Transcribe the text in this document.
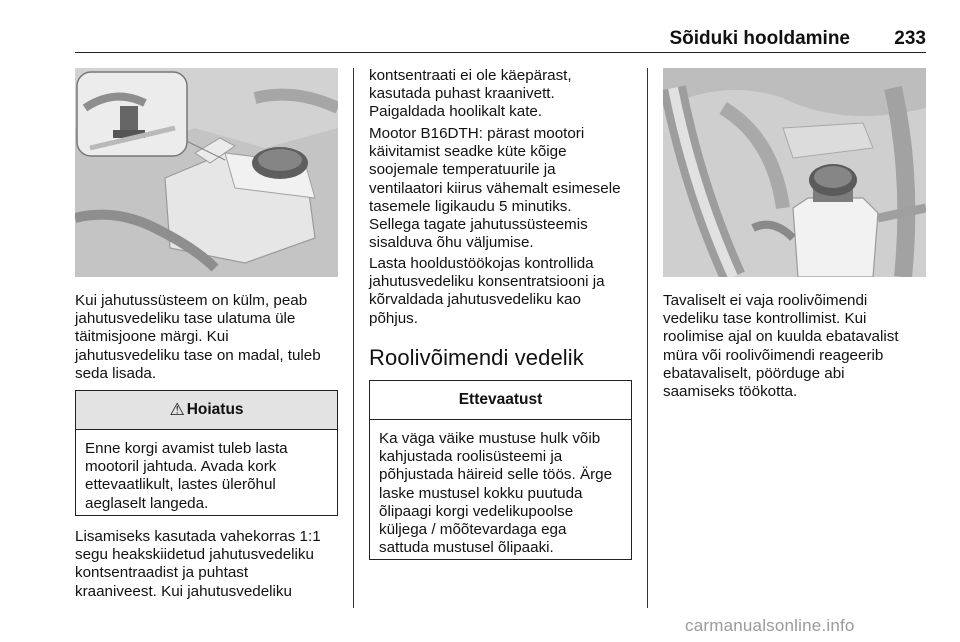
Sõiduki hooldamine	233

Kui jahutussüsteem on külm, peab
jahutusvedeliku tase ulatuma üle
täitmisjoone märgi. Kui
jahutusvedeliku tase on madal, tuleb
seda lisada.

⚠ Hoiatus
Enne korgi avamist tuleb lasta
mootoril jahtuda. Avada kork
ettevaatlikult, lastes ülerõhul
aeglaselt langeda.

Lisamiseks kasutada vahekorras 1:1
segu heakskiidetud jahutusvedeliku
kontsentraadist ja puhtast
kraaniveest. Kui jahutusvedeliku

kontsentraati ei ole käepärast,
kasutada puhast kraanivett.
Paigaldada hoolikalt kate.

Mootor B16DTH: pärast mootori
käivitamist seadke küte kõige
soojemale temperatuurile ja
ventilaatori kiirus vähemalt esimesele
tasemele ligikaudu 5 minutiks.
Sellega tagate jahutussüsteemis
sisalduva õhu väljumise.

Lasta hooldustöökojas kontrollida
jahutusvedeliku konsentratsiooni ja
kõrvaldada jahutusvedeliku kao
põhjus.

Roolivõimendi vedelik
Ettevaatust
Ka väga väike mustuse hulk võib
kahjustada roolisüsteemi ja
põhjustada häireid selle töös. Ärge
laske mustusel kokku puutuda
õlipaagi korgi vedelikupoolse
küljega / mõõtevardaga ega
sattuda mustusel õlipaaki.

Tavaliselt ei vaja roolivõimendi
vedeliku tase kontrollimist. Kui
roolimise ajal on kuulda ebatavalist
müra või roolivõimendi reageerib
ebatavaliselt, pöörduge abi
saamiseks töökotta.

carmanualsonline.info
